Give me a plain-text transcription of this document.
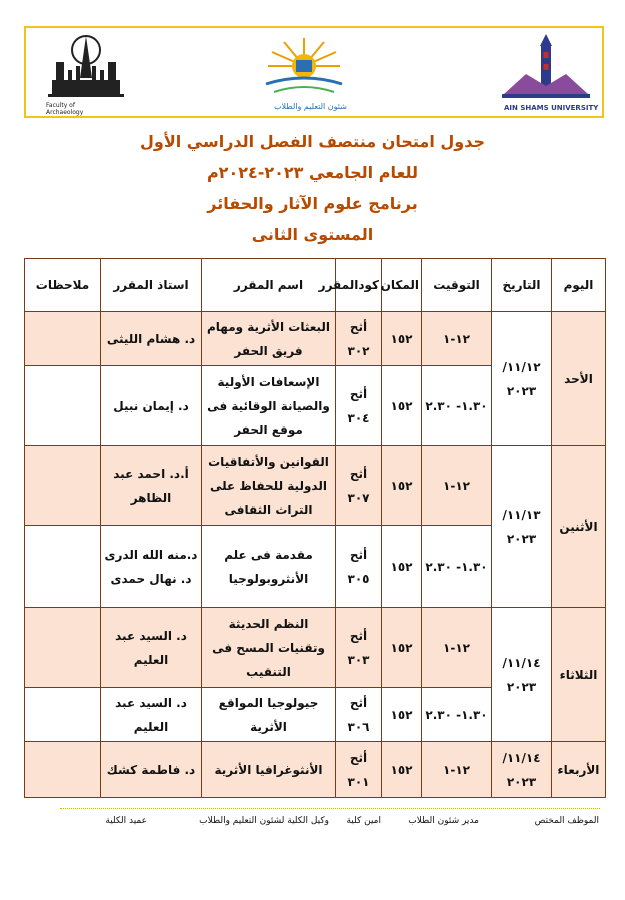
Faculty of
Archaeology
شئون التعليم والطلاب	AIN SHAMS UNIVERSITY
جدول امتحان منتصف الفصل الدراسي الأول
للعام الجامعي ٢٠٢٣-٢٠٢٤م
برنامج علوم الآثار والحفائر
المستوى الثانى
اليوم	التاريخ	التوقيت	المكان	كودالمقرر	اسم المقرر	استاذ المقرر	ملاحظات
الأحد	١١/١٢/ ٢٠٢٣	١٢-١	١٥٢	أثح ٣٠٢	البعثات الأثرية ومهام فريق الحفر	د. هشام الليثى	
		١.٣٠- ٢.٣٠	١٥٢	أثح ٣٠٤	الإسعافات الأولية والصيانة الوقائية فى موقع الحفر	د. إيمان نبيل	
الأثنين	١١/١٣/ ٢٠٢٣	١٢-١	١٥٢	أثح ٣٠٧	القوانين والأتفاقيات الدولية للحفاظ على التراث الثقافى	أ.د. احمد عبد الظاهر	
		١.٣٠- ٢.٣٠	١٥٢	أثح ٣٠٥	مقدمة فى علم الأنثروبولوجيا	د.منه الله الدرى د. نهال حمدى	
الثلاثاء	١١/١٤/ ٢٠٢٣	١٢-١	١٥٢	أثح ٣٠٣	النظم الحديثة وتقنيات المسح فى التنقيب	د. السيد عبد العليم	
		١.٣٠- ٢.٣٠	١٥٢	أثح ٣٠٦	جيولوجيا المواقع الأثرية	د. السيد عبد العليم	
الأربعاء	١١/١٤/ ٢٠٢٣	١٢-١	١٥٢	أثح ٣٠١	الأنثوغرافيا الأثرية	د. فاطمة كشك	
الموظف المختص
مدير شئون الطلاب
امين كلية
وكيل الكلية لشئون التعليم والطلاب
عميد الكلية
